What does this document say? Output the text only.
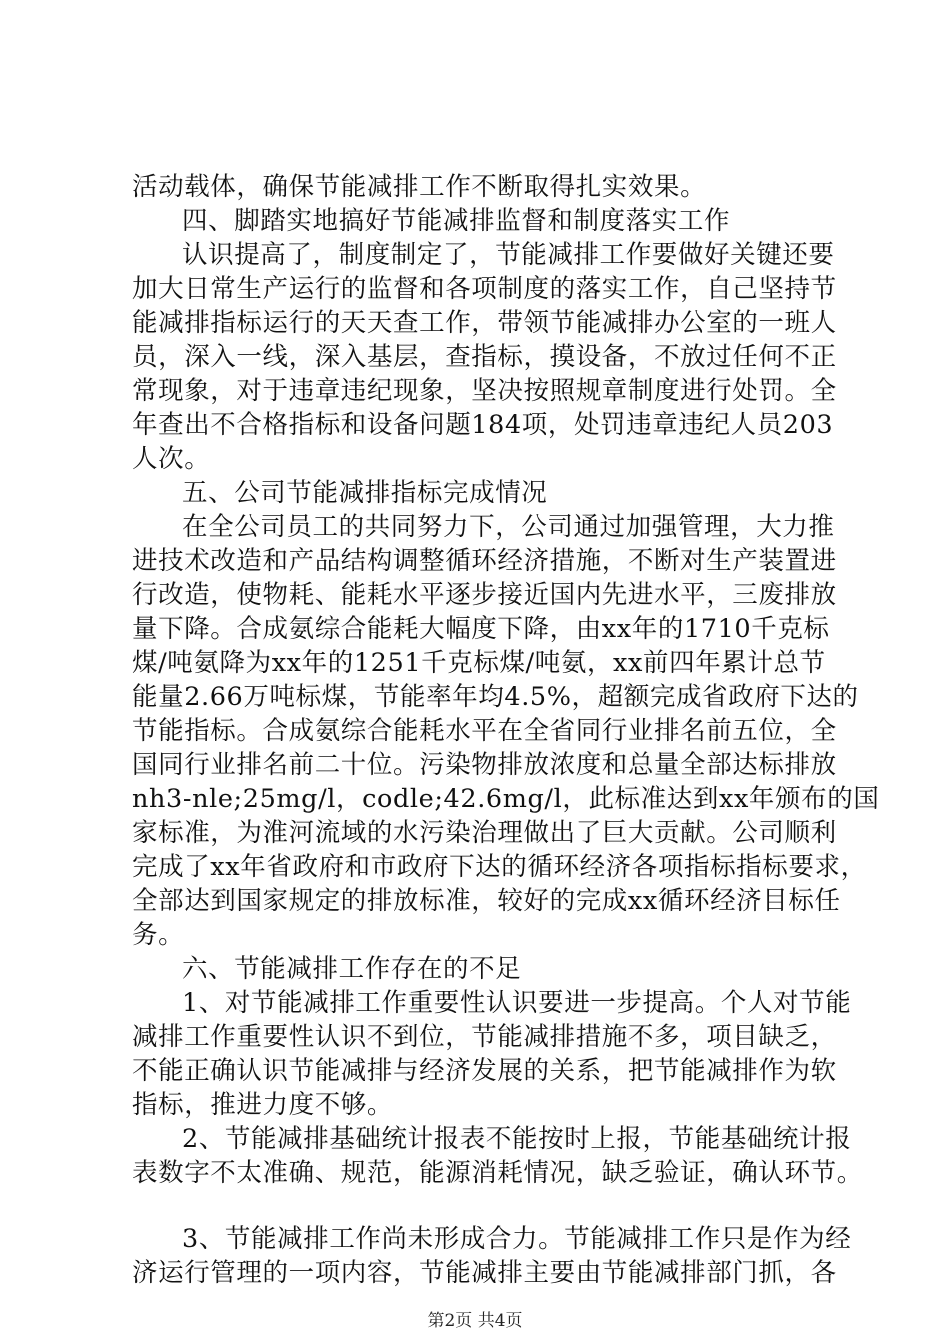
活动载体，确保节能减排工作不断取得扎实效果。
四、脚踏实地搞好节能减排监督和制度落实工作
认识提高了，制度制定了，节能减排工作要做好关键还要
加大日常生产运行的监督和各项制度的落实工作，自己坚持节
能减排指标运行的天天查工作，带领节能减排办公室的一班人
员，深入一线，深入基层，查指标，摸设备，不放过任何不正
常现象，对于违章违纪现象，坚决按照规章制度进行处罚。全
年查出不合格指标和设备问题184项，处罚违章违纪人员203
人次。
五、公司节能减排指标完成情况
在全公司员工的共同努力下，公司通过加强管理，大力推
进技术改造和产品结构调整循环经济措施，不断对生产装置进
行改造，使物耗、能耗水平逐步接近国内先进水平，三废排放
量下降。合成氨综合能耗大幅度下降，由xx年的1710千克标
煤/吨氨降为xx年的1251千克标煤/吨氨，xx前四年累计总节
能量2.66万吨标煤，节能率年均4.5%，超额完成省政府下达的
节能指标。合成氨综合能耗水平在全省同行业排名前五位，全
国同行业排名前二十位。污染物排放浓度和总量全部达标排放
nh3-nle;25mg/l，codle;42.6mg/l，此标准达到xx年颁布的国
家标准，为淮河流域的水污染治理做出了巨大贡献。公司顺利
完成了xx年省政府和市政府下达的循环经济各项指标指标要求，
全部达到国家规定的排放标准，较好的完成xx循环经济目标任
务。
六、节能减排工作存在的不足
1、对节能减排工作重要性认识要进一步提高。个人对节能
减排工作重要性认识不到位，节能减排措施不多，项目缺乏，
不能正确认识节能减排与经济发展的关系，把节能减排作为软
指标，推进力度不够。
2、节能减排基础统计报表不能按时上报，节能基础统计报
表数字不太准确、规范，能源消耗情况，缺乏验证，确认环节。
3、节能减排工作尚未形成合力。节能减排工作只是作为经
济运行管理的一项内容，节能减排主要由节能减排部门抓，各
第2页 共4页
